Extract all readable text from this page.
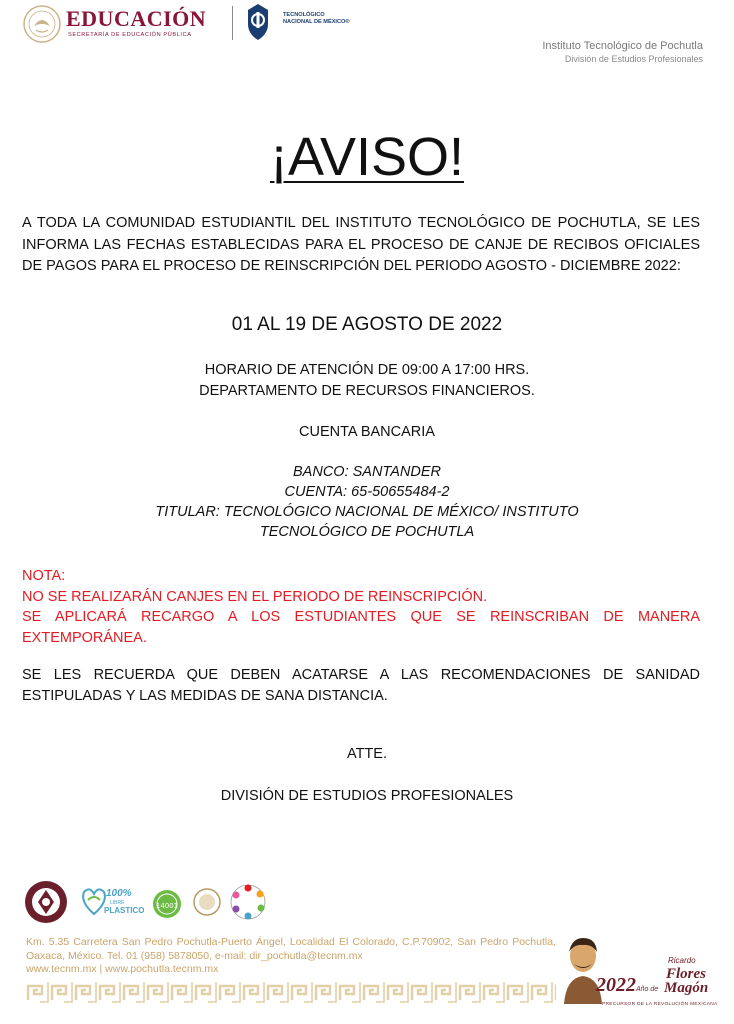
EDUCACIÓN
SECRETARÍA DE EDUCACIÓN PÚBLICA
TECNOLÓGICO
NACIONAL DE MÉXICO®
Instituto Tecnológico de Pochutla
División de Estudios Profesionales
¡AVISO!
A TODA LA COMUNIDAD ESTUDIANTIL DEL INSTITUTO TECNOLÓGICO DE POCHUTLA, SE LES INFORMA LAS FECHAS ESTABLECIDAS PARA EL PROCESO DE CANJE DE RECIBOS OFICIALES DE PAGOS PARA EL PROCESO DE REINSCRIPCIÓN DEL PERIODO AGOSTO - DICIEMBRE 2022:
01 AL 19 DE AGOSTO DE 2022
HORARIO DE ATENCIÓN DE 09:00 A 17:00 HRS.
DEPARTAMENTO DE RECURSOS FINANCIEROS.
CUENTA BANCARIA
BANCO: SANTANDER
CUENTA: 65-50655484-2
TITULAR: TECNOLÓGICO NACIONAL DE MÉXICO/ INSTITUTO
TECNOLÓGICO DE POCHUTLA
NOTA:
NO SE REALIZARÁN CANJES EN EL PERIODO DE REINSCRIPCIÓN.
SE APLICARÁ RECARGO A LOS ESTUDIANTES QUE SE REINSCRIBAN DE MANERA EXTEMPORÁNEA.
SE LES RECUERDA QUE DEBEN ACATARSE A LAS RECOMENDACIONES DE SANIDAD ESTIPULADAS Y LAS MEDIDAS DE SANA DISTANCIA.
ATTE.
DIVISIÓN DE ESTUDIOS PROFESIONALES
100%
LIBRE
PLASTICO 14001
Km. 5.35 Carretera San Pedro Pochutla-Puerto Ángel, Localidad El Colorado, C.P.70902, San Pedro Pochutla, Oaxaca, México. Tel. 01 (958) 5878050, e-mail: dir_pochutla@tecnm.mx
www.tecnm.mx | www.pochutla.tecnm.mx
2022 Año de
Ricardo
Flores
Magón
PRECURSOR DE LA REVOLUCIÓN MEXICANA
